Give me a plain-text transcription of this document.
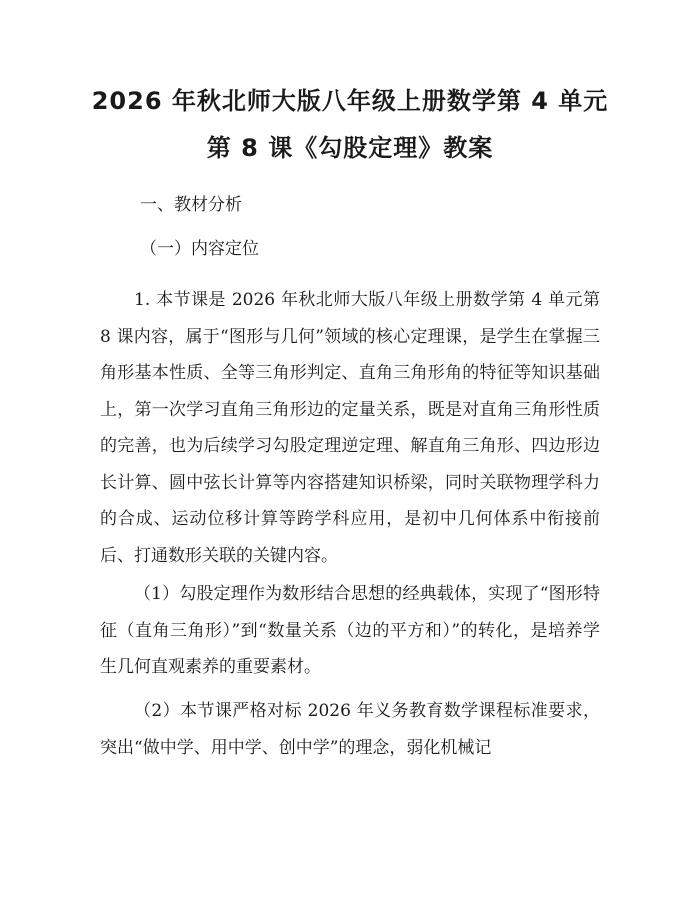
2026 年秋北师大版八年级上册数学第 4 单元
第 8 课《勾股定理》教案
一、教材分析
（一）内容定位

1. 本节课是 2026 年秋北师大版八年级上册数学第 4 单元第 8 课内容，属于“图形与几何”领域的核心定理课，是学生在掌握三角形基本性质、全等三角形判定、直角三角形角的特征等知识基础上，第一次学习直角三角形边的定量关系，既是对直角三角形性质的完善，也为后续学习勾股定理逆定理、解直角三角形、四边形边长计算、圆中弦长计算等内容搭建知识桥梁，同时关联物理学科力的合成、运动位移计算等跨学科应用，是初中几何体系中衔接前后、打通数形关联的关键内容。

（1）勾股定理作为数形结合思想的经典载体，实现了“图形特征（直角三角形）”到“数量关系（边的平方和）”的转化，是培养学生几何直观素养的重要素材。

（2）本节课严格对标 2026 年义务教育数学课程标准要求，突出“做中学、用中学、创中学”的理念，弱化机械记
